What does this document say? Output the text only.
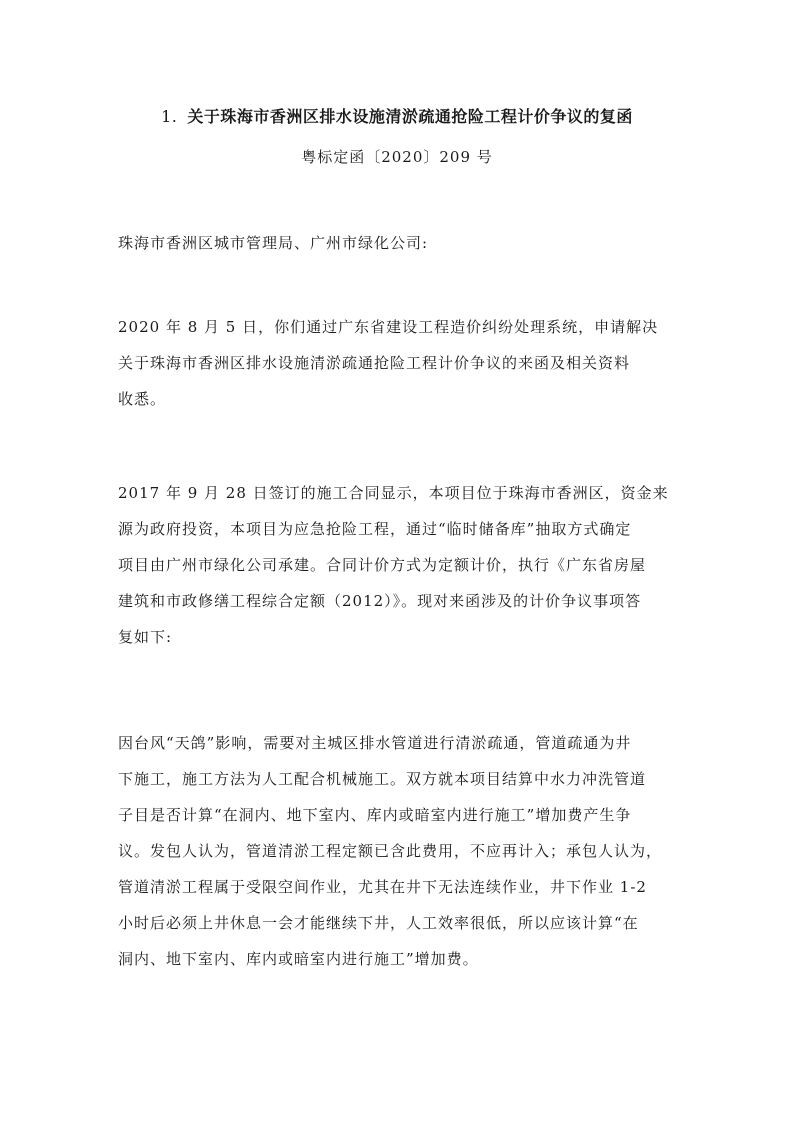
1. 关于珠海市香洲区排水设施清淤疏通抢险工程计价争议的复函
粤标定函〔2020〕209 号
珠海市香洲区城市管理局、广州市绿化公司:
2020 年 8 月 5 日，你们通过广东省建设工程造价纠纷处理系统，申请解决
关于珠海市香洲区排水设施清淤疏通抢险工程计价争议的来函及相关资料
收悉。
2017 年 9 月 28 日签订的施工合同显示，本项目位于珠海市香洲区，资金来
源为政府投资，本项目为应急抢险工程，通过“临时储备库”抽取方式确定
项目由广州市绿化公司承建。合同计价方式为定额计价，执行《广东省房屋
建筑和市政修缮工程综合定额（2012）》。现对来函涉及的计价争议事项答
复如下:
因台风“天鸽”影响，需要对主城区排水管道进行清淤疏通，管道疏通为井
下施工，施工方法为人工配合机械施工。双方就本项目结算中水力冲洗管道
子目是否计算“在洞内、地下室内、库内或暗室内进行施工”增加费产生争
议。发包人认为，管道清淤工程定额已含此费用，不应再计入；承包人认为，
管道清淤工程属于受限空间作业，尤其在井下无法连续作业，井下作业 1-2
小时后必须上井休息一会才能继续下井，人工效率很低，所以应该计算“在
洞内、地下室内、库内或暗室内进行施工”增加费。
